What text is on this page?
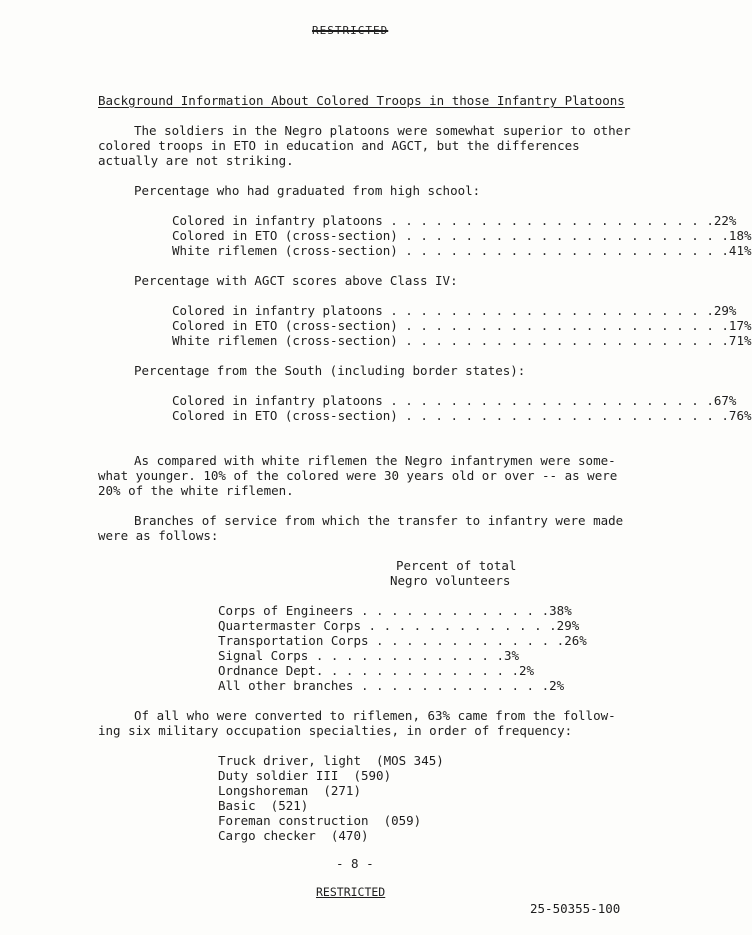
RESTRICTED
Background Information About Colored Troops in those Infantry Platoons
The soldiers in the Negro platoons were somewhat superior to other
colored troops in ETO in education and AGCT, but the differences
actually are not striking.
Percentage who had graduated from high school:
Colored in infantry platoons . . . . . . . . . . . . . . . . . . . . . . 22%
Colored in ETO (cross-section) . . . . . . . . . . . . . . . . . . . . . . 18%
White riflemen (cross-section) . . . . . . . . . . . . . . . . . . . . . . 41%
Percentage with AGCT scores above Class IV:
Colored in infantry platoons . . . . . . . . . . . . . . . . . . . . . . 29%
Colored in ETO (cross-section) . . . . . . . . . . . . . . . . . . . . . . 17%
White riflemen (cross-section) . . . . . . . . . . . . . . . . . . . . . . 71%
Percentage from the South (including border states):
Colored in infantry platoons . . . . . . . . . . . . . . . . . . . . . . 67%
Colored in ETO (cross-section) . . . . . . . . . . . . . . . . . . . . . . 76%
As compared with white riflemen the Negro infantrymen were some-
what younger. 10% of the colored were 30 years old or over -- as were
20% of the white riflemen.
Branches of service from which the transfer to infantry were made
were as follows:
Percent of total
Negro volunteers
Corps of Engineers . . . . . . . . . . . . . 38%
Quartermaster Corps . . . . . . . . . . . . . 29%
Transportation Corps . . . . . . . . . . . . . 26%
Signal Corps . . . . . . . . . . . . . 3%
Ordnance Dept. . . . . . . . . . . . . . 2%
All other branches . . . . . . . . . . . . . 2%
Of all who were converted to riflemen, 63% came from the follow-
ing six military occupation specialties, in order of frequency:
Truck driver, light  (MOS 345)
Duty soldier III  (590)
Longshoreman  (271)
Basic  (521)
Foreman construction  (059)
Cargo checker  (470)
- 8 -
RESTRICTED
25-50355-100
